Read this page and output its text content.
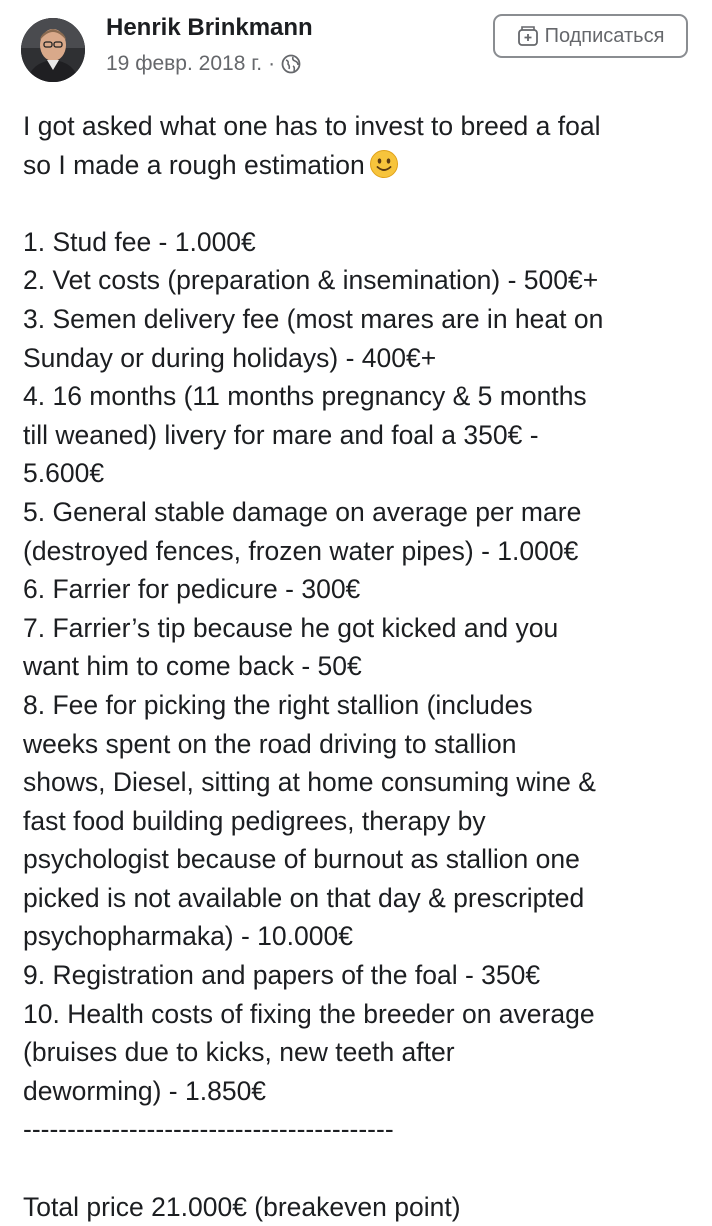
Henrik Brinkmann
19 февр. 2018 г. ·
Подписаться
I got asked what one has to invest to breed a foal
so I made a rough estimation
1. Stud fee - 1.000€
2. Vet costs (preparation & insemination) - 500€+
3. Semen delivery fee (most mares are in heat on
Sunday or during holidays) - 400€+
4. 16 months (11 months pregnancy & 5 months
till weaned) livery for mare and foal a 350€ -
5.600€
5. General stable damage on average per mare
(destroyed fences, frozen water pipes) - 1.000€
6. Farrier for pedicure - 300€
7. Farrier’s tip because he got kicked and you
want him to come back - 50€
8. Fee for picking the right stallion (includes
weeks spent on the road driving to stallion
shows, Diesel, sitting at home consuming wine &
fast food building pedigrees, therapy by
psychologist because of burnout as stallion one
picked is not available on that day & prescripted
psychopharmaka) - 10.000€
9. Registration and papers of the foal - 350€
10. Health costs of fixing the breeder on average
(bruises due to kicks, new teeth after
deworming) - 1.850€
------------------------------------------
Total price 21.000€ (breakeven point)
